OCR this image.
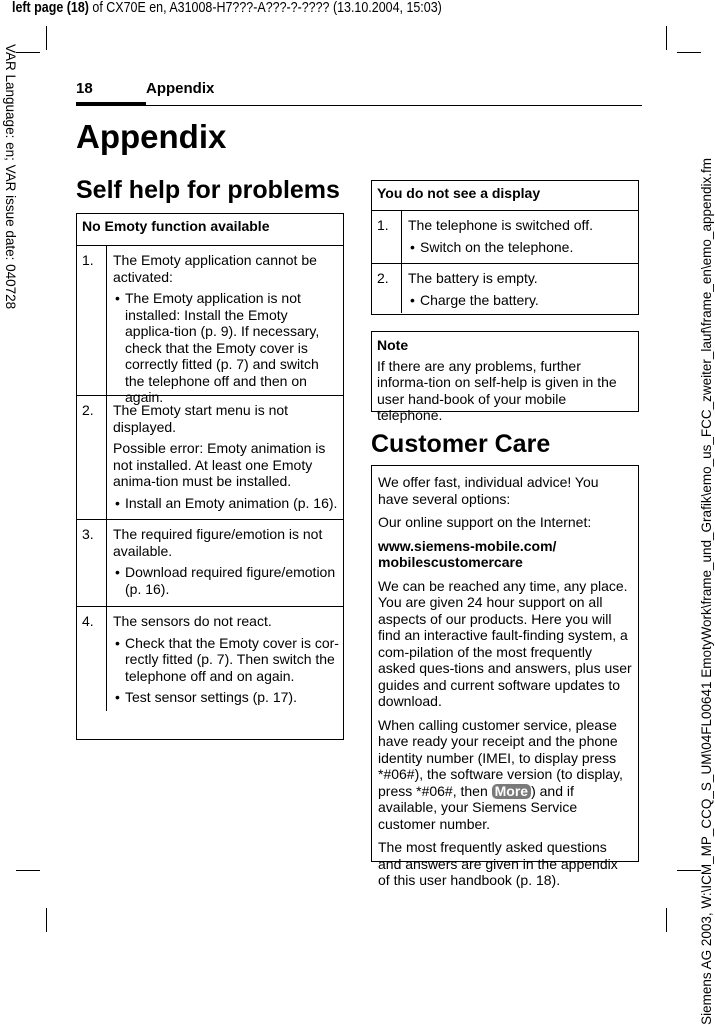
left page (18) of CX70E en, A31008-H7???-A???-?-???? (13.10.2004, 15:03)
VAR Language: en; VAR issue date: 040728	Siemens AG 2003, W:\ICM_MP_CCQ_S_UM\04FL00641 EmotyWork\frame_und_Grafik\emo_us_FCC_zweiter_lauf\frame_en\emo_appendix.fm
18	Appendix
Appendix
Self help for problems
No Emoty function available
1.	The Emoty application cannot be activated:

• The Emoty application is not installed: Install the Emoty applica-tion (p. 9). If necessary, check that the Emoty cover is correctly fitted (p. 7) and switch the telephone off and then on again.

2.	The Emoty start menu is not displayed.

Possible error: Emoty animation is not installed. At least one Emoty anima-tion must be installed.

• Install an Emoty animation (p. 16).

3.	The required figure/emotion is not available.

• Download required figure/emotion (p. 16).

4.	The sensors do not react.

• Check that the Emoty cover is cor-rectly fitted (p. 7). Then switch the telephone off and on again.

• Test sensor settings (p. 17).

You do not see a display
1.	The telephone is switched off.

• Switch on the telephone.

2.	The battery is empty.

• Charge the battery.

Note

If there are any problems, further informa-tion on self-help is given in the user hand-book of your mobile telephone.

Customer Care

We offer fast, individual advice! You have several options:

Our online support on the Internet:

www.siemens-mobile.com/ mobilescustomercare

We can be reached any time, any place. You are given 24 hour support on all aspects of our products. Here you will find an interactive fault-finding system, a com-pilation of the most frequently asked ques-tions and answers, plus user guides and current software updates to download.

When calling customer service, please have ready your receipt and the phone identity number (IMEI, to display press *#06#), the software version (to display, press *#06#, then More ) and if available, your Siemens Service customer number.

The most frequently asked questions and answers are given in the appendix of this user handbook (p. 18).
